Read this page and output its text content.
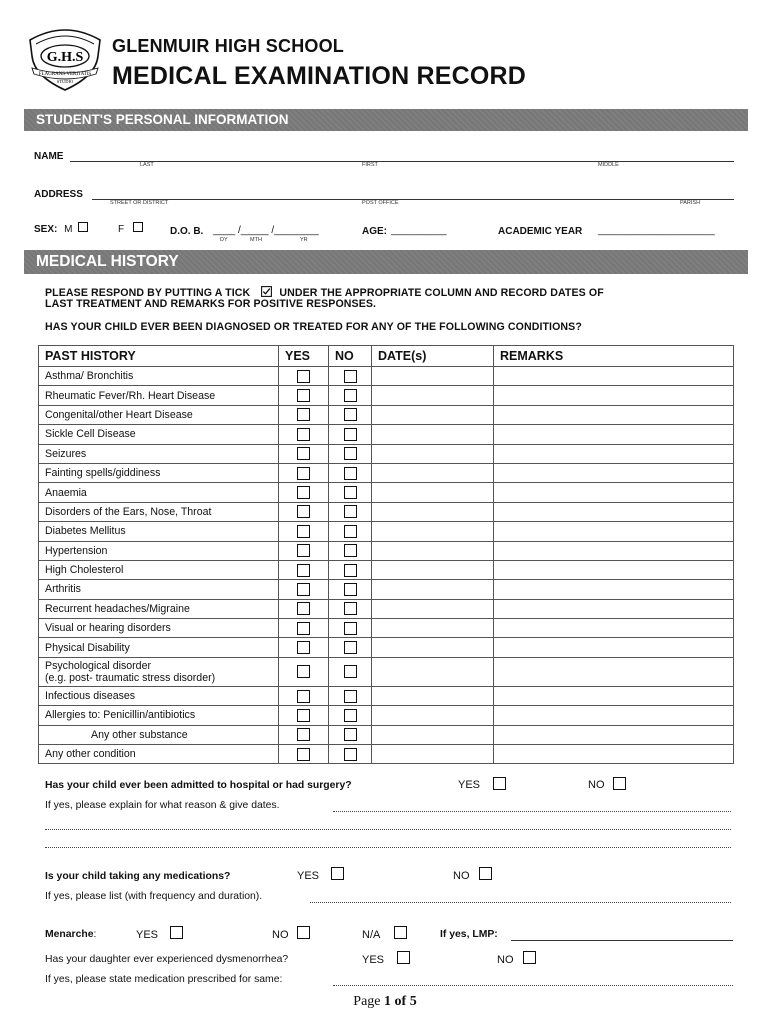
G.H.S
FLAGRANS VERITATIS
STUDIO
GLENMUIR HIGH SCHOOL
MEDICAL EXAMINATION RECORD
STUDENT'S PERSONAL INFORMATION
NAME
LAST	FIRST	MIDDLE
ADDRESS
STREET OR DISTRICT	POST OFFICE	PARISH
SEX: M	F	D.O. B. ____ /_____ /________
DY	MTH	YR
AGE: __________	ACADEMIC YEAR _____________________
MEDICAL HISTORY
PLEASE RESPOND BY PUTTING A TICK	UNDER THE APPROPRIATE COLUMN AND RECORD DATES OF
LAST TREATMENT AND REMARKS FOR POSITIVE RESPONSES.
HAS YOUR CHILD EVER BEEN DIAGNOSED OR TREATED FOR ANY OF THE FOLLOWING CONDITIONS?
PAST HISTORY	YES	NO	DATE(s)	REMARKS
Asthma/ Bronchitis				
Rheumatic Fever/Rh. Heart Disease				
Congenital/other Heart Disease				
Sickle Cell Disease				
Seizures				
Fainting spells/giddiness				
Anaemia				
Disorders of the Ears, Nose, Throat				
Diabetes Mellitus				
Hypertension				
High Cholesterol				
Arthritis				
Recurrent headaches/Migraine				
Visual or hearing disorders				
Physical Disability				
Psychological disorder
(e.g. post- traumatic stress disorder)				
Infectious diseases				
Allergies to: Penicillin/antibiotics				
Any other substance				
Any other condition				
Has your child ever been admitted to hospital or had surgery?	YES	NO
If yes, please explain for what reason & give dates.
Is your child taking any medications?	YES	NO
If yes, please list (with frequency and duration).
Menarche:	YES	NO	N/A	If yes, LMP:
Has your daughter ever experienced dysmenorrhea?	YES	NO
If yes, please state medication prescribed for same:
Page 1 of 5
